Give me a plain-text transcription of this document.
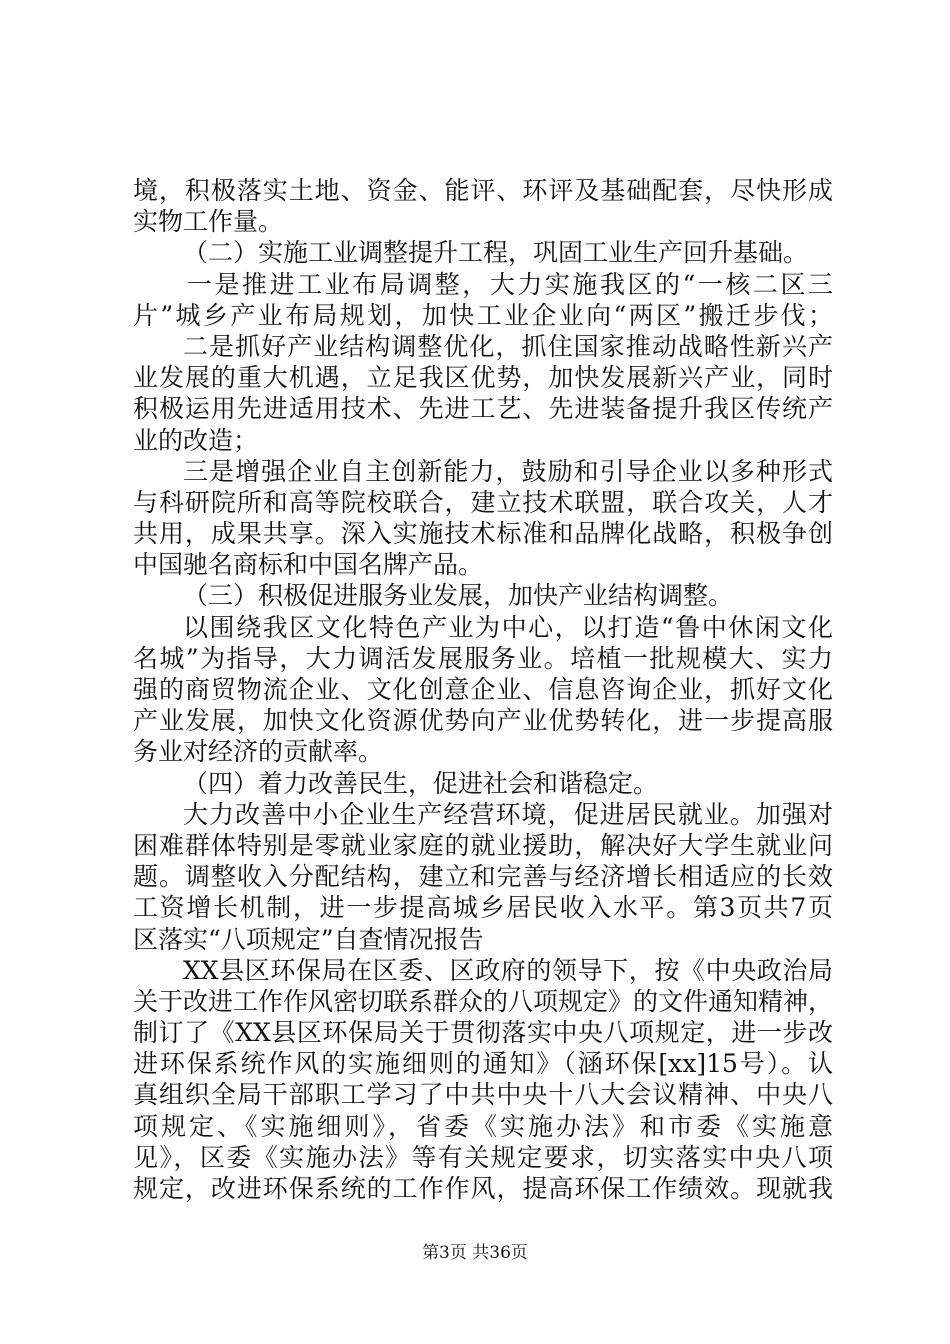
境，积极落实土地、资金、能评、环评及基础配套，尽快形成
实物工作量。
（二）实施工业调整提升工程，巩固工业生产回升基础。
一是推进工业布局调整，大力实施我区的“一核二区三
片”城乡产业布局规划，加快工业企业向“两区”搬迁步伐；
二是抓好产业结构调整优化，抓住国家推动战略性新兴产
业发展的重大机遇，立足我区优势，加快发展新兴产业，同时
积极运用先进适用技术、先进工艺、先进装备提升我区传统产
业的改造；
三是增强企业自主创新能力，鼓励和引导企业以多种形式
与科研院所和高等院校联合，建立技术联盟，联合攻关，人才
共用，成果共享。深入实施技术标准和品牌化战略，积极争创
中国驰名商标和中国名牌产品。
（三）积极促进服务业发展，加快产业结构调整。
以围绕我区文化特色产业为中心，以打造“鲁中休闲文化
名城”为指导，大力调活发展服务业。培植一批规模大、实力
强的商贸物流企业、文化创意企业、信息咨询企业，抓好文化
产业发展，加快文化资源优势向产业优势转化，进一步提高服
务业对经济的贡献率。
（四）着力改善民生，促进社会和谐稳定。
大力改善中小企业生产经营环境，促进居民就业。加强对
困难群体特别是零就业家庭的就业援助，解决好大学生就业问
题。调整收入分配结构，建立和完善与经济增长相适应的长效
工资增长机制，进一步提高城乡居民收入水平。第3页共7页
区落实“八项规定”自查情况报告
XX县区环保局在区委、区政府的领导下，按《中央政治局
关于改进工作作风密切联系群众的八项规定》的文件通知精神，
制订了《XX县区环保局关于贯彻落实中央八项规定，进一步改
进环保系统作风的实施细则的通知》（涵环保[xx]15号）。认
真组织全局干部职工学习了中共中央十八大会议精神、中央八
项规定、《实施细则》，省委《实施办法》和市委《实施意
见》，区委《实施办法》等有关规定要求，切实落实中央八项
规定，改进环保系统的工作作风，提高环保工作绩效。现就我
第3页 共36页
